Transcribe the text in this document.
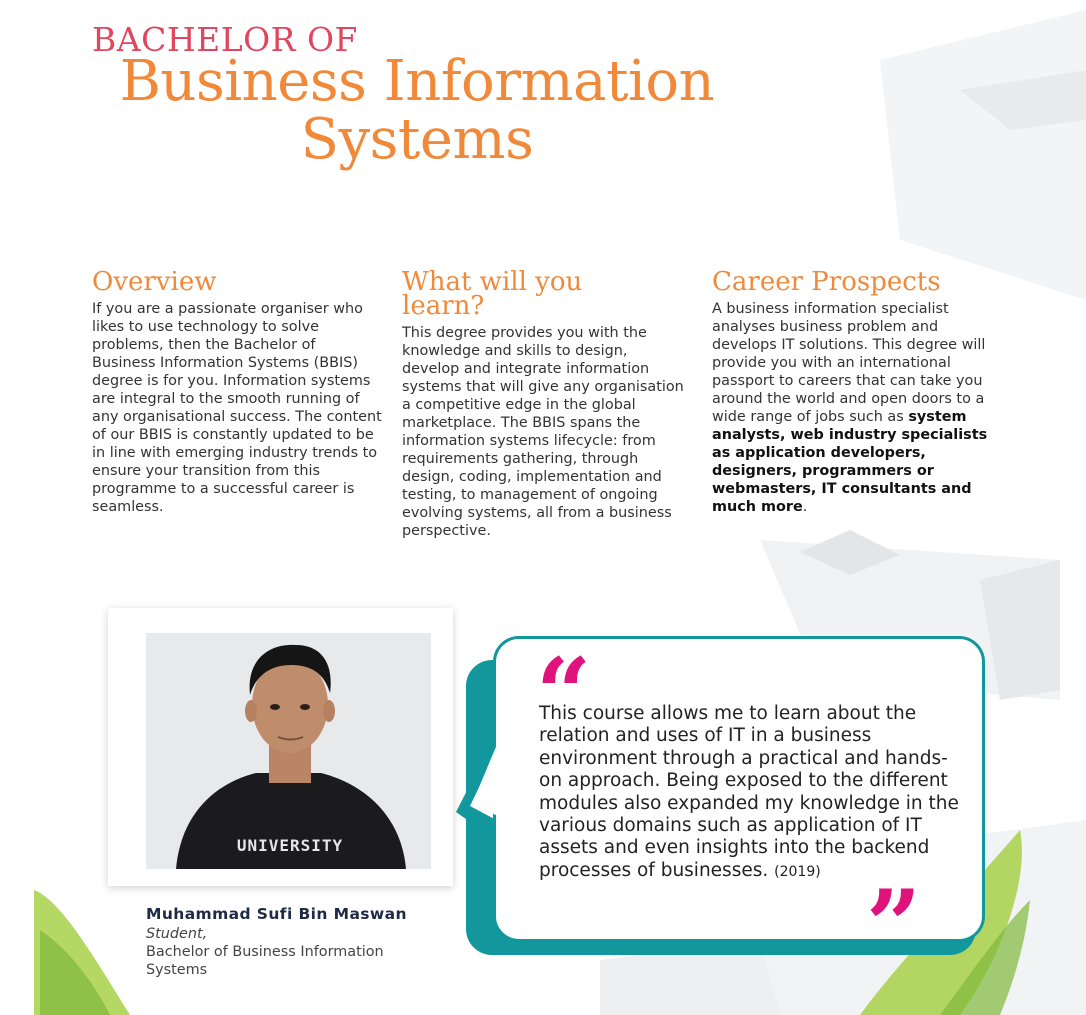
BACHELOR OF
Business Information
Systems
Overview

If you are a passionate organiser who likes to use technology to solve problems, then the Bachelor of Business Information Systems (BBIS) degree is for you. Information systems are integral to the smooth running of any organisational success. The content of our BBIS is constantly updated to be in line with emerging industry trends to ensure your transition from this programme to a successful career is seamless.

What will you learn?

This degree provides you with the knowledge and skills to design, develop and integrate information systems that will give any organisation a competitive edge in the global marketplace. The BBIS spans the information systems lifecycle: from requirements gathering, through design, coding, implementation and testing, to management of ongoing evolving systems, all from a business perspective.

Career Prospects

A business information specialist analyses business problem and develops IT solutions. This degree will provide you with an international passport to careers that can take you around the world and open doors to a wide range of jobs such as system analysts, web industry specialists as application developers, designers, programmers or webmasters, IT consultants and much more.

UNIVERSITY
Muhammad Sufi Bin Maswan
Student,
Bachelor of Business Information Systems
“
This course allows me to learn about the relation and uses of IT in a business environment through a practical and hands-on approach. Being exposed to the different modules also expanded my knowledge in the various domains such as application of IT assets and even insights into the backend processes of businesses. (2019) ”
